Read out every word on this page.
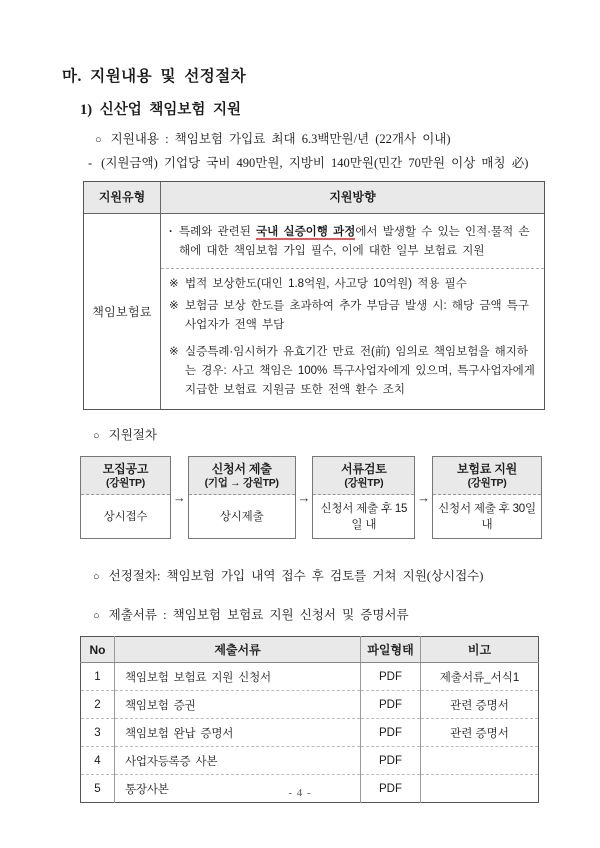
마. 지원내용 및 선정절차
1) 신산업 책임보험 지원
○ 지원내용 : 책임보험 가입료 최대 6.3백만원/년 (22개사 이내)
- (지원금액) 기업당 국비 490만원, 지방비 140만원(민간 70만원 이상 매칭 必)
지원유형	지원방향
책임보험료
· 특례와 관련된 국내 실증이행 과정에서 발생할 수 있는 인적·물적 손해에 대한 책임보험 가입 필수, 이에 대한 일부 보험료 지원
※ 법적 보상한도(대인 1.8억원, 사고당 10억원) 적용 필수
※ 보험금 보상 한도를 초과하여 추가 부담금 발생 시: 해당 금액 특구 사업자가 전액 부담
※ 실증특례·임시허가 유효기간 만료 전(前) 임의로 책임보험을 해지하는 경우: 사고 책임은 100% 특구사업자에게 있으며, 특구사업자에게 지급한 보험료 지원금 또한 전액 환수 조치
○ 지원절차
모집공고
(강원TP)
상시접수
→
신청서 제출
(기업 → 강원TP)
상시제출
→
서류검토
(강원TP)
신청서 제출 후 15일 내
→
보험료 지원
(강원TP)
신청서 제출 후 30일 내
○ 선정절차: 책임보험 가입 내역 접수 후 검토를 거쳐 지원(상시접수)
○ 제출서류 : 책임보험 보험료 지원 신청서 및 증명서류
No	제출서류	파일형태	비고
1	책임보험 보험료 지원 신청서	PDF	제출서류_서식1
2	책임보험 증권	PDF	관련 증명서
3	책임보험 완납 증명서	PDF	관련 증명서
4	사업자등록증 사본	PDF	
5	통장사본	PDF	
- 4 -
